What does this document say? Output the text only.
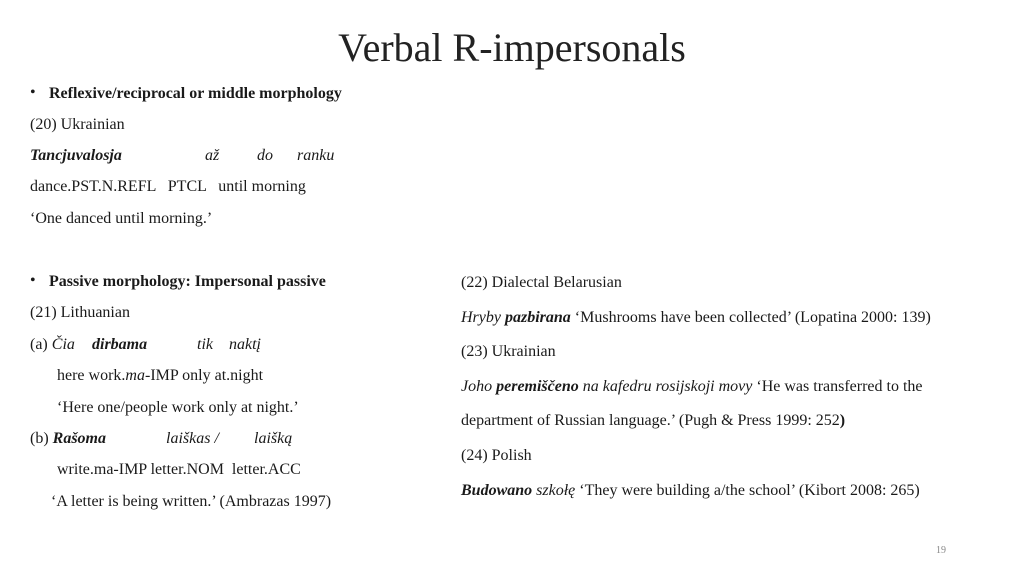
Verbal R-impersonals
• Reflexive/reciprocal or middle morphology
(20) Ukrainian
Tancjuvalosja	až do ranku
dance.PST.N.REFL   PTCL   until morning
‘One danced until morning.’
• Passive morphology: Impersonal passive
(21) Lithuanian
(a) Čia dirbama	tik naktį
here work.ma-IMP only at.night
‘Here one/people work only at night.’
(b) Rašoma	laiškas / laišką
write.ma-IMP letter.NOM  letter.ACC
‘A letter is being written.’ (Ambrazas 1997)
(22) Dialectal Belarusian
Hryby pazbirana ‘Mushrooms have been collected’ (Lopatina 2000: 139)
(23) Ukrainian
Joho peremiščeno na kafedru rosijskoji movy ‘He was transferred to the
department of Russian language.’ (Pugh & Press 1999: 252)
(24) Polish
Budowano szkołę ‘They were building a/the school’ (Kibort 2008: 265)
19
